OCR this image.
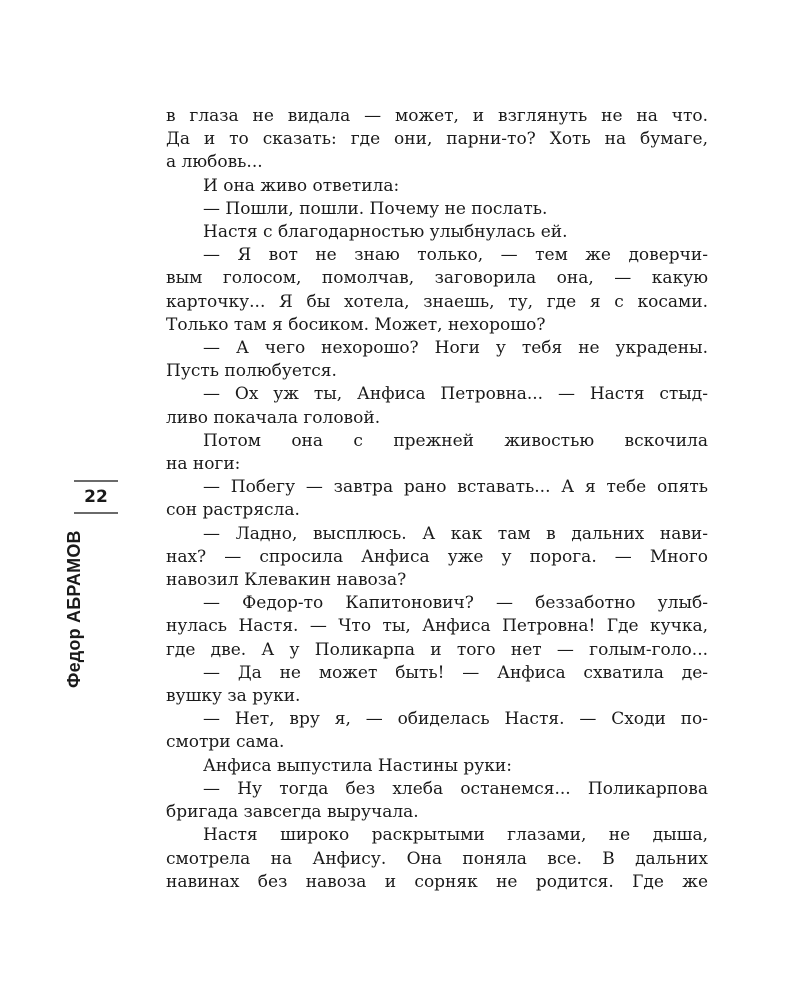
22
Федор АБРАМОВ
в глаза не видала — может, и взглянуть не на что.
Да и то сказать: где они, парни-то? Хоть на бумаге,
а любовь...
И она живо ответила:
— Пошли, пошли. Почему не послать.
Настя с благодарностью улыбнулась ей.
— Я вот не знаю только, — тем же доверчи-
вым голосом, помолчав, заговорила она, — какую
карточку... Я бы хотела, знаешь, ту, где я с косами.
Только там я босиком. Может, нехорошо?
— А чего нехорошо? Ноги у тебя не украдены.
Пусть полюбуется.
— Ох уж ты, Анфиса Петровна... — Настя стыд-
ливо покачала головой.
Потом она с прежней живостью вскочила
на ноги:
— Побегу — завтра рано вставать... А я тебе опять
сон растрясла.
— Ладно, высплюсь. А как там в дальних нави-
нах? — спросила Анфиса уже у порога. — Много
навозил Клевакин навоза?
— Федор-то Капитонович? — беззаботно улыб-
нулась Настя. — Что ты, Анфиса Петровна! Где кучка,
где две. А у Поликарпа и того нет — голым-голо...
— Да не может быть! — Анфиса схватила де-
вушку за руки.
— Нет, вру я, — обиделась Настя. — Сходи по-
смотри сама.
Анфиса выпустила Настины руки:
— Ну тогда без хлеба останемся... Поликарпова
бригада завсегда выручала.
Настя широко раскрытыми глазами, не дыша,
смотрела на Анфису. Она поняла все. В дальних
навинах без навоза и сорняк не родится. Где же
